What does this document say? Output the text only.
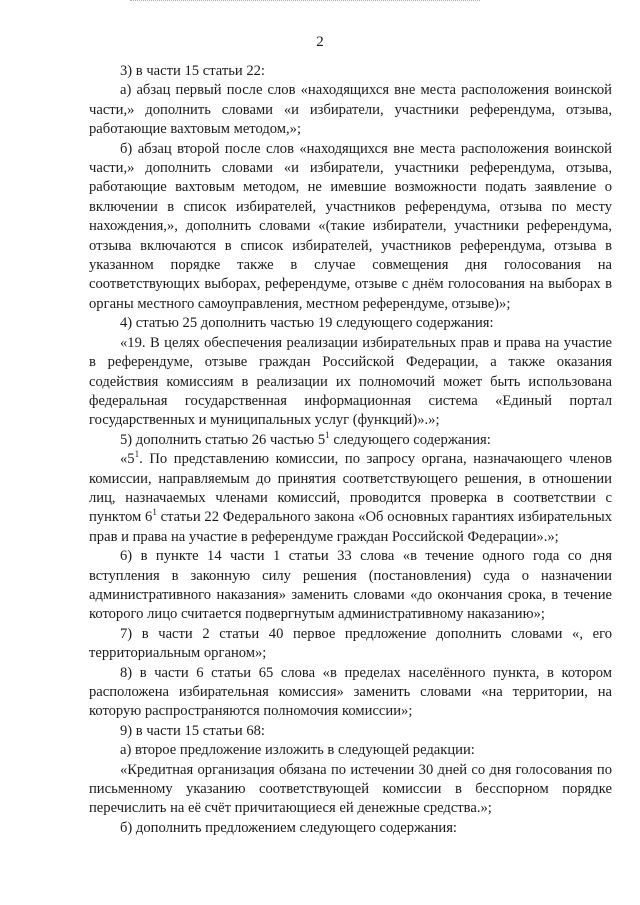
2

3) в части 15 статьи 22:

а) абзац первый после слов «находящихся вне места расположения воинской части,» дополнить словами «и избиратели, участники референдума, отзыва, работающие вахтовым методом,»;

б) абзац второй после слов «находящихся вне места расположения воинской части,» дополнить словами «и избиратели, участники референдума, отзыва, работающие вахтовым методом, не имевшие возможности подать заявление о включении в список избирателей, участников референдума, отзыва по месту нахождения,», дополнить словами «(такие избиратели, участники референдума, отзыва включаются в список избирателей, участников референдума, отзыва в указанном порядке также в случае совмещения дня голосования на соответствующих выборах, референдуме, отзыве с днём голосования на выборах в органы местного самоуправления, местном референдуме, отзыве)»;

4) статью 25 дополнить частью 19 следующего содержания:

«19. В целях обеспечения реализации избирательных прав и права на участие в референдуме, отзыве граждан Российской Федерации, а также оказания содействия комиссиям в реализации их полномочий может быть использована федеральная государственная информационная система «Единый портал государственных и муниципальных услуг (функций)».»;

5) дополнить статью 26 частью $5^1$ следующего содержания:

«$5^1$. По представлению комиссии, по запросу органа, назначающего членов комиссии, направляемым до принятия соответствующего решения, в отношении лиц, назначаемых членами комиссий, проводится проверка в соответствии с пунктом $6^1$ статьи 22 Федерального закона «Об основных гарантиях избирательных прав и права на участие в референдуме граждан Российской Федерации».»;

6) в пункте 14 части 1 статьи 33 слова «в течение одного года со дня вступления в законную силу решения (постановления) суда о назначении административного наказания» заменить словами «до окончания срока, в течение которого лицо считается подвергнутым административному наказанию»;

7) в части 2 статьи 40 первое предложение дополнить словами «, его территориальным органом»;

8) в части 6 статьи 65 слова «в пределах населённого пункта, в котором расположена избирательная комиссия» заменить словами «на территории, на которую распространяются полномочия комиссии»;

9) в части 15 статьи 68:

а) второе предложение изложить в следующей редакции:

«Кредитная организация обязана по истечении 30 дней со дня голосования по письменному указанию соответствующей комиссии в бесспорном порядке перечислить на её счёт причитающиеся ей денежные средства.»;

б) дополнить предложением следующего содержания:
